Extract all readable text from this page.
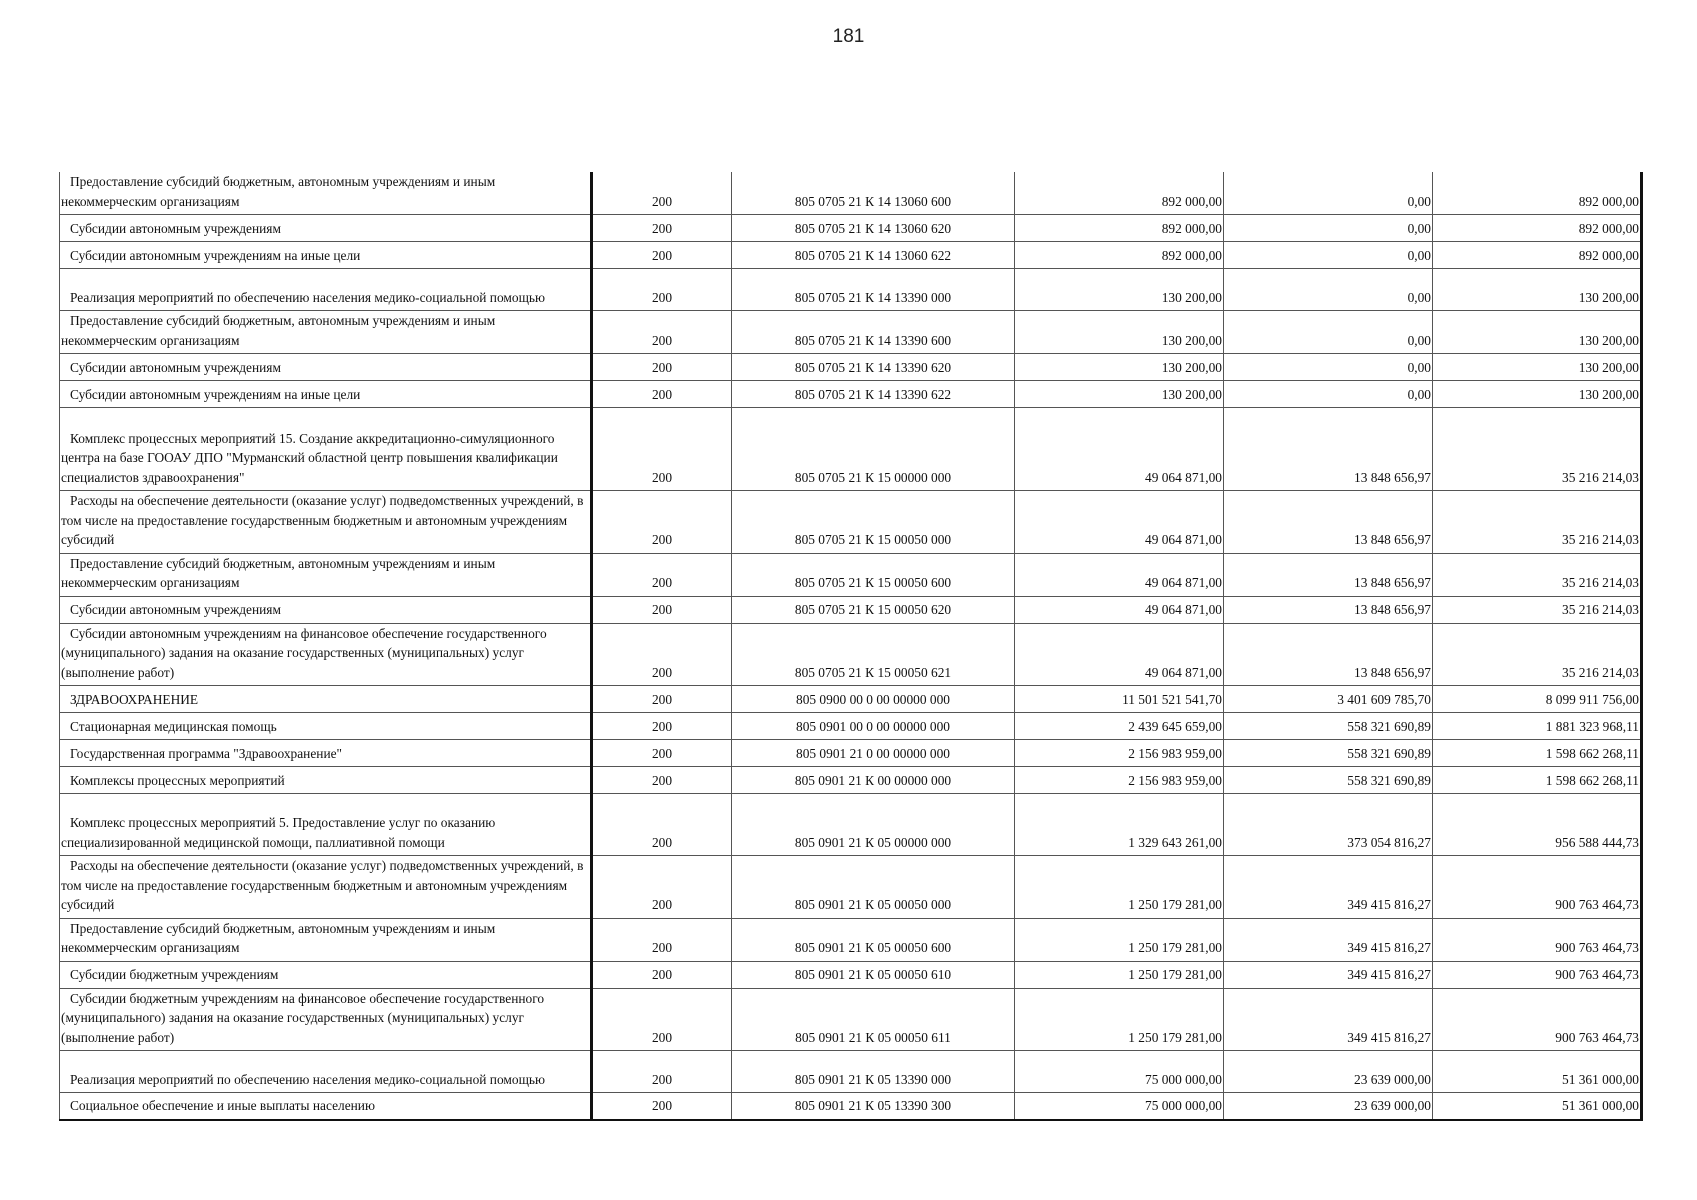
181
Предоставление субсидий бюджетным, автономным учреждениям и иным некоммерческим организациям	200	805 0705 21 К 14 13060 600	892 000,00	0,00	892 000,00

Субсидии автономным учреждениям	200	805 0705 21 К 14 13060 620	892 000,00	0,00	892 000,00

Субсидии автономным учреждениям на иные цели	200	805 0705 21 К 14 13060 622	892 000,00	0,00	892 000,00

Реализация мероприятий по обеспечению населения медико-социальной помощью	200	805 0705 21 К 14 13390 000	130 200,00	0,00	130 200,00

Предоставление субсидий бюджетным, автономным учреждениям и иным некоммерческим организациям	200	805 0705 21 К 14 13390 600	130 200,00	0,00	130 200,00

Субсидии автономным учреждениям	200	805 0705 21 К 14 13390 620	130 200,00	0,00	130 200,00

Субсидии автономным учреждениям на иные цели	200	805 0705 21 К 14 13390 622	130 200,00	0,00	130 200,00

Комплекс процессных мероприятий 15. Создание аккредитационно-симуляционного центра на базе ГООАУ ДПО "Мурманский областной центр повышения квалификации специалистов здравоохранения"	200	805 0705 21 К 15 00000 000	49 064 871,00	13 848 656,97	35 216 214,03

Расходы на обеспечение деятельности (оказание услуг) подведомственных учреждений, в том числе на предоставление государственным бюджетным и автономным учреждениям субсидий	200	805 0705 21 К 15 00050 000	49 064 871,00	13 848 656,97	35 216 214,03

Предоставление субсидий бюджетным, автономным учреждениям и иным некоммерческим организациям	200	805 0705 21 К 15 00050 600	49 064 871,00	13 848 656,97	35 216 214,03

Субсидии автономным учреждениям	200	805 0705 21 К 15 00050 620	49 064 871,00	13 848 656,97	35 216 214,03

Субсидии автономным учреждениям на финансовое обеспечение государственного (муниципального) задания на оказание государственных (муниципальных) услуг (выполнение работ)	200	805 0705 21 К 15 00050 621	49 064 871,00	13 848 656,97	35 216 214,03

ЗДРАВООХРАНЕНИЕ	200	805 0900 00 0 00 00000 000	11 501 521 541,70	3 401 609 785,70	8 099 911 756,00

Стационарная медицинская помощь	200	805 0901 00 0 00 00000 000	2 439 645 659,00	558 321 690,89	1 881 323 968,11

Государственная программа "Здравоохранение"	200	805 0901 21 0 00 00000 000	2 156 983 959,00	558 321 690,89	1 598 662 268,11

Комплексы процессных мероприятий	200	805 0901 21 К 00 00000 000	2 156 983 959,00	558 321 690,89	1 598 662 268,11

Комплекс процессных мероприятий 5. Предоставление услуг по оказанию специализированной медицинской помощи, паллиативной помощи	200	805 0901 21 К 05 00000 000	1 329 643 261,00	373 054 816,27	956 588 444,73

Расходы на обеспечение деятельности (оказание услуг) подведомственных учреждений, в том числе на предоставление государственным бюджетным и автономным учреждениям субсидий	200	805 0901 21 К 05 00050 000	1 250 179 281,00	349 415 816,27	900 763 464,73

Предоставление субсидий бюджетным, автономным учреждениям и иным некоммерческим организациям	200	805 0901 21 К 05 00050 600	1 250 179 281,00	349 415 816,27	900 763 464,73

Субсидии бюджетным учреждениям	200	805 0901 21 К 05 00050 610	1 250 179 281,00	349 415 816,27	900 763 464,73

Субсидии бюджетным учреждениям на финансовое обеспечение государственного (муниципального) задания на оказание государственных (муниципальных) услуг (выполнение работ)	200	805 0901 21 К 05 00050 611	1 250 179 281,00	349 415 816,27	900 763 464,73

Реализация мероприятий по обеспечению населения медико-социальной помощью	200	805 0901 21 К 05 13390 000	75 000 000,00	23 639 000,00	51 361 000,00

Социальное обеспечение и иные выплаты населению	200	805 0901 21 К 05 13390 300	75 000 000,00	23 639 000,00	51 361 000,00
